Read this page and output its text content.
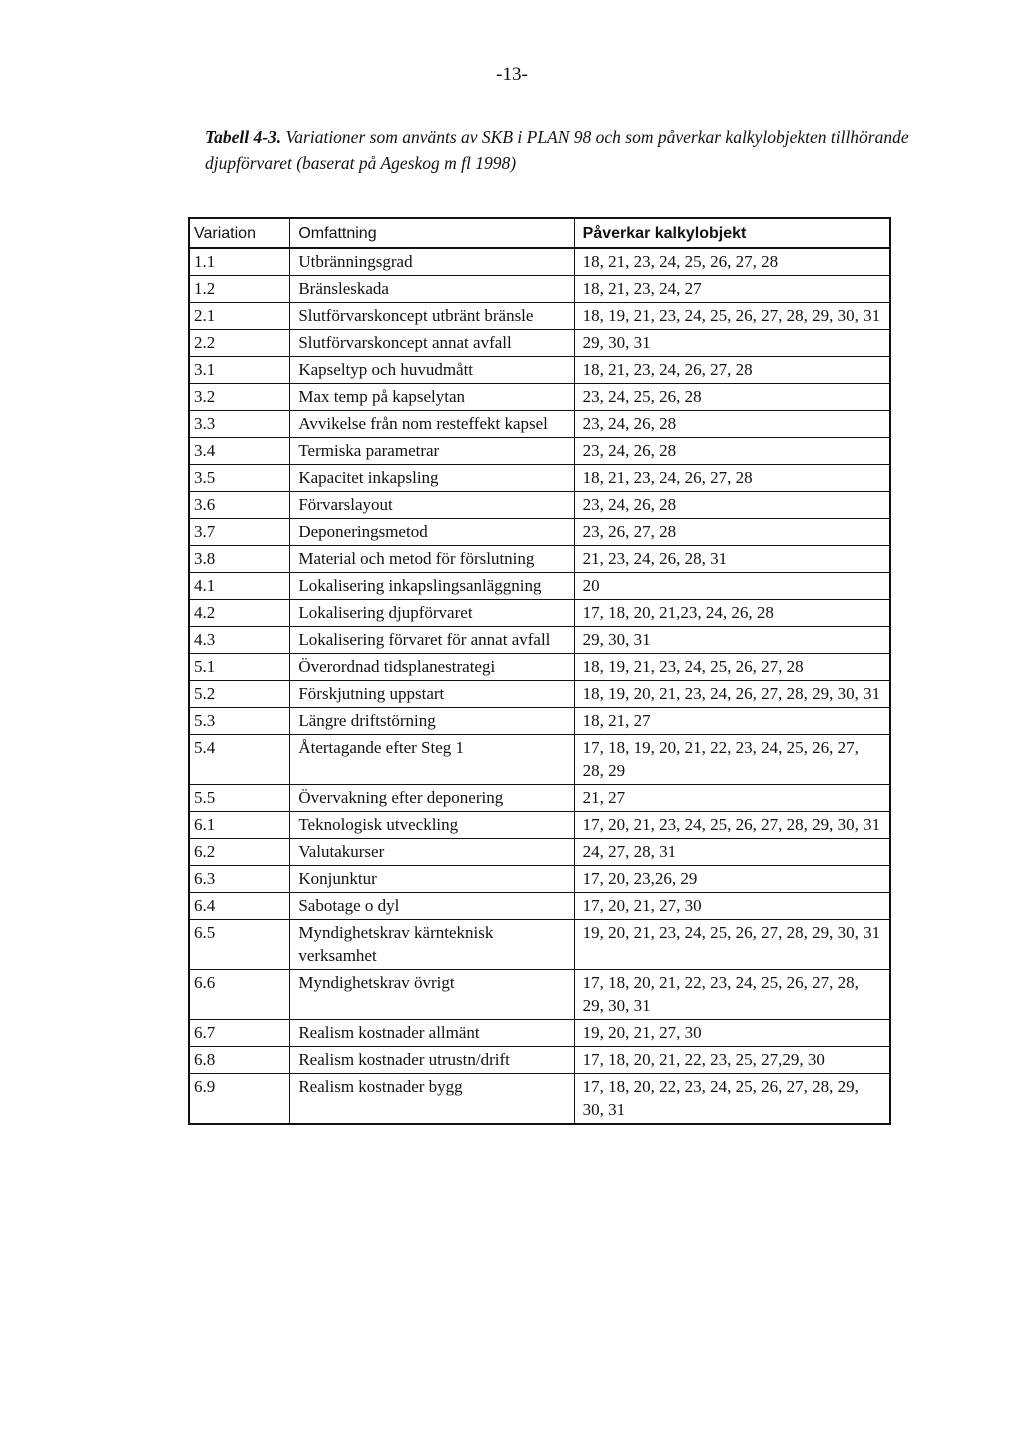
-13-
Tabell 4-3. Variationer som använts av SKB i PLAN 98 och som påverkar kalkylobjekten tillhörande djupförvaret (baserat på Ageskog m fl 1998)
Variation	Omfattning	Påverkar kalkylobjekt
1.1	Utbränningsgrad	18, 21, 23, 24, 25, 26, 27, 28
1.2	Bränsleskada	18, 21, 23, 24, 27
2.1	Slutförvarskoncept utbränt bränsle	18, 19, 21, 23, 24, 25, 26, 27, 28, 29, 30, 31
2.2	Slutförvarskoncept annat avfall	29, 30, 31
3.1	Kapseltyp och huvudmått	18, 21, 23, 24, 26, 27, 28
3.2	Max temp på kapselytan	23, 24, 25, 26, 28
3.3	Avvikelse från nom resteffekt kapsel	23, 24, 26, 28
3.4	Termiska parametrar	23, 24, 26, 28
3.5	Kapacitet inkapsling	18, 21, 23, 24, 26, 27, 28
3.6	Förvarslayout	23, 24, 26, 28
3.7	Deponeringsmetod	23, 26, 27, 28
3.8	Material och metod för förslutning	21, 23, 24, 26, 28, 31
4.1	Lokalisering inkapslingsanläggning	20
4.2	Lokalisering djupförvaret	17, 18, 20, 21,23, 24, 26, 28
4.3	Lokalisering förvaret för annat avfall	29, 30, 31
5.1	Överordnad tidsplanestrategi	18, 19, 21, 23, 24, 25, 26, 27, 28
5.2	Förskjutning uppstart	18, 19, 20, 21, 23, 24, 26, 27, 28, 29, 30, 31
5.3	Längre driftstörning	18, 21, 27
5.4	Återtagande efter Steg 1	17, 18, 19, 20, 21, 22, 23, 24, 25, 26, 27, 28, 29
5.5	Övervakning efter deponering	21, 27
6.1	Teknologisk utveckling	17, 20, 21, 23, 24, 25, 26, 27, 28, 29, 30, 31
6.2	Valutakurser	24, 27, 28, 31
6.3	Konjunktur	17, 20, 23,26, 29
6.4	Sabotage o dyl	17, 20, 21, 27, 30
6.5	Myndighetskrav kärnteknisk verksamhet	19, 20, 21, 23, 24, 25, 26, 27, 28, 29, 30, 31
6.6	Myndighetskrav övrigt	17, 18, 20, 21, 22, 23, 24, 25, 26, 27, 28, 29, 30, 31
6.7	Realism kostnader allmänt	19, 20, 21, 27, 30
6.8	Realism kostnader utrustn/drift	17, 18, 20, 21, 22, 23, 25, 27,29, 30
6.9	Realism kostnader bygg	17, 18, 20, 22, 23, 24, 25, 26, 27, 28, 29, 30, 31
